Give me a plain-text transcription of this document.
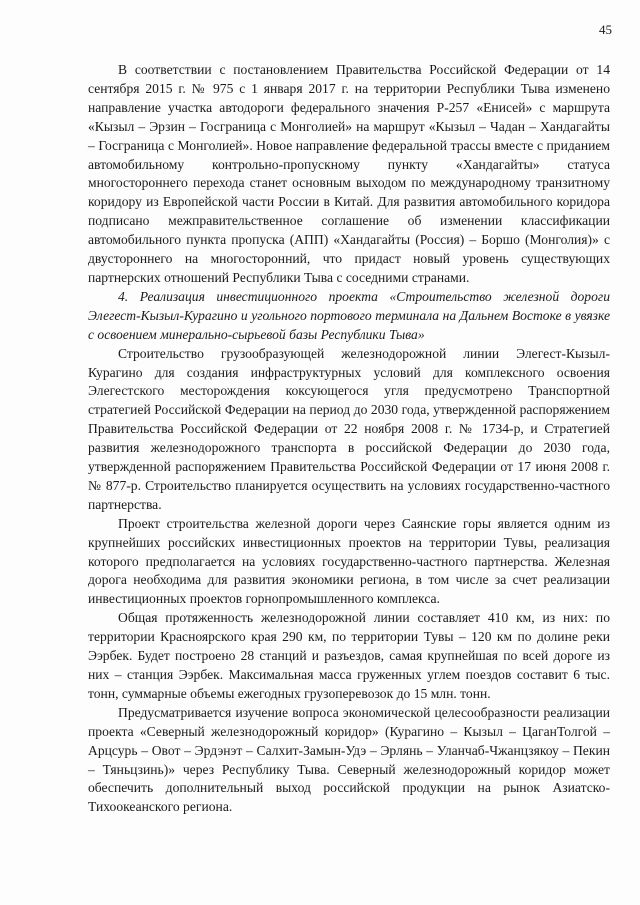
45

В соответствии с постановлением Правительства Российской Федерации от 14 сентября 2015 г. № 975 с 1 января 2017 г. на территории Республики Тыва изменено направление участка автодороги федерального значения Р-257 «Енисей» с маршрута «Кызыл – Эрзин – Госграница с Монголией» на маршрут «Кызыл – Чадан – Хандагайты – Госграница с Монголией». Новое направление федеральной трассы вместе с приданием автомобильному контрольно-пропускному пункту «Хандагайты» статуса многостороннего перехода станет основным выходом по международному транзитному коридору из Европейской части России в Китай. Для развития автомобильного коридора подписано межправительственное соглашение об изменении классификации автомобильного пункта пропуска (АПП) «Хандагайты (Россия) – Боршо (Монголия)» с двустороннего на многосторонний, что придаст новый уровень существующих партнерских отношений Республики Тыва с соседними странами.

4. Реализация инвестиционного проекта «Строительство железной дороги Элегест-Кызыл-Курагино и угольного портового терминала на Дальнем Востоке в увязке с освоением минерально-сырьевой базы Республики Тыва»

Строительство грузообразующей железнодорожной линии Элегест-Кызыл-Курагино для создания инфраструктурных условий для комплексного освоения Элегестского месторождения коксующегося угля предусмотрено Транспортной стратегией Российской Федерации на период до 2030 года, утвержденной распоряжением Правительства Российской Федерации от 22 ноября 2008 г. № 1734-р, и Стратегией развития железнодорожного транспорта в российской Федерации до 2030 года, утвержденной распоряжением Правительства Российской Федерации от 17 июня 2008 г. № 877-р. Строительство планируется осуществить на условиях государственно-частного партнерства.

Проект строительства железной дороги через Саянские горы является одним из крупнейших российских инвестиционных проектов на территории Тувы, реализация которого предполагается на условиях государственно-частного партнерства. Железная дорога необходима для развития экономики региона, в том числе за счет реализации инвестиционных проектов горнопромышленного комплекса.

Общая протяженность железнодорожной линии составляет 410 км, из них: по территории Красноярского края 290 км, по территории Тувы – 120 км по долине реки Ээрбек. Будет построено 28 станций и разъездов, самая крупнейшая по всей дороге из них – станция Ээрбек. Максимальная масса груженных углем поездов составит 6 тыс. тонн, суммарные объемы ежегодных грузоперевозок до 15 млн. тонн.

Предусматривается изучение вопроса экономической целесообразности реализации проекта «Северный железнодорожный коридор» (Курагино – Кызыл – ЦаганТолгой – Арцсурь – Овот – Эрдэнэт – Салхит-Замын-Удэ – Эрлянь – Уланчаб-Чжанцзякоу – Пекин – Тяньцзинь)» через Республику Тыва. Северный железнодорожный коридор может обеспечить дополнительный выход российской продукции на рынок Азиатско-Тихоокеанского региона.
